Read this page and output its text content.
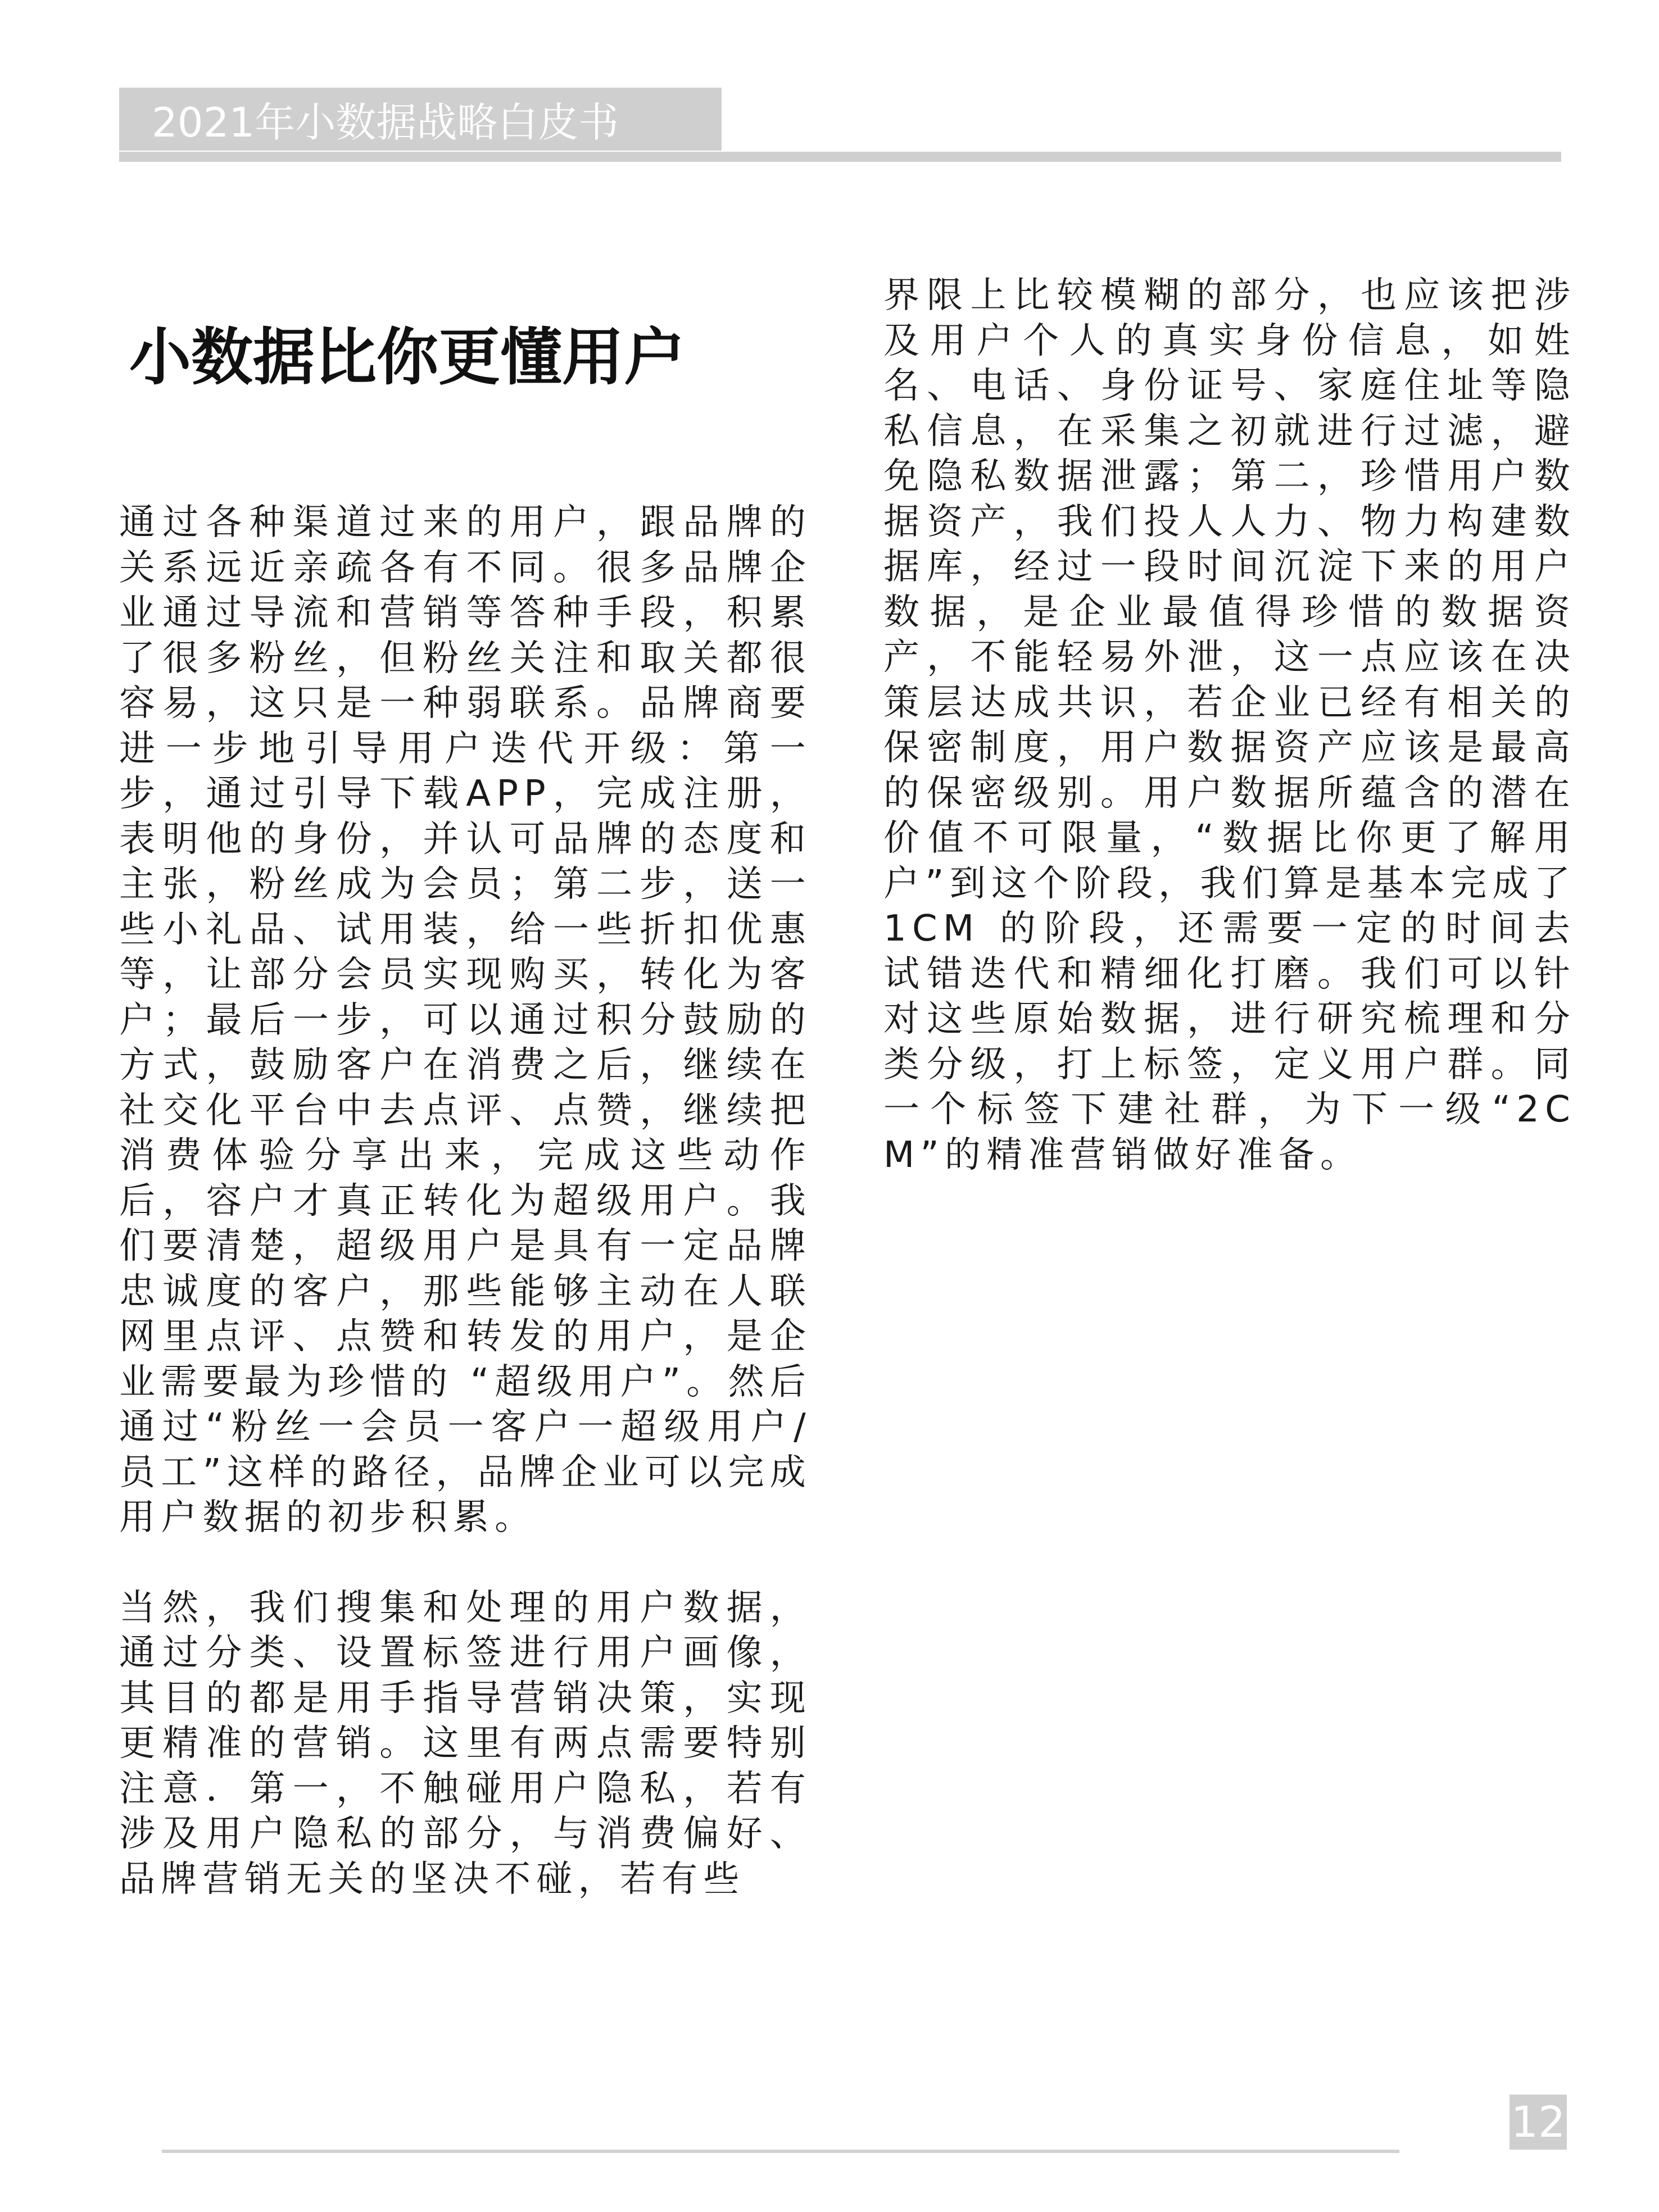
2021年小数据战略白皮书
小数据比你更懂用户

通过各种渠道过来的用户，跟品牌的关系远近亲疏各有不同。很多品牌企业通过导流和营销等答种手段，积累了很多粉丝，但粉丝关注和取关都很容易，这只是一种弱联系。品牌商要进一步地引导用户迭代开级：第一步，通过引导下载APP，完成注册，表明他的身份，并认可品牌的态度和主张，粉丝成为会员；第二步，送一些小礼品、试用装，给一些折扣优惠等，让部分会员实现购买，转化为客户；最后一步，可以通过积分鼓励的方式，鼓励客户在消费之后，继续在社交化平台中去点评、点赞，继续把消费体验分享出来，完成这些动作后，容户才真正转化为超级用户。我们要清楚，超级用户是具有一定品牌忠诚度的客户，那些能够主动在人联网里点评、点赞和转发的用户，是企业需要最为珍惜的 “超级用户”。然后通过“粉丝一会员一客户一超级用户/员工”这样的路径，品牌企业可以完成用户数据的初步积累。

当然，我们搜集和处理的用户数据，通过分类、设置标签进行用户画像，其目的都是用手指导营销决策，实现更精准的营销。这里有两点需要特别注意．第一，不触碰用户隐私，若有涉及用户隐私的部分，与消费偏好、品牌营销无关的坚决不碰，若有些

界限上比较模糊的部分，也应该把涉及用户个人的真实身份信息，如姓名、电话、身份证号、家庭住址等隐私信息，在采集之初就进行过滤，避免隐私数据泄露；第二，珍惜用户数据资产，我们投人人力、物力构建数据库，经过一段时间沉淀下来的用户数据，是企业最值得珍惜的数据资产，不能轻易外泄，这一点应该在决策层达成共识，若企业已经有相关的保密制度，用户数据资产应该是最高的保密级别。用户数据所蕴含的潜在价值不可限量，“数据比你更了解用户”到这个阶段，我们算是基本完成了1CM 的阶段，还需要一定的时间去试错迭代和精细化打磨。我们可以针对这些原始数据，进行研究梳理和分类分级，打上标签，定义用户群。同一个标签下建社群，为下一级“2CM”的精准营销做好准备。

12
